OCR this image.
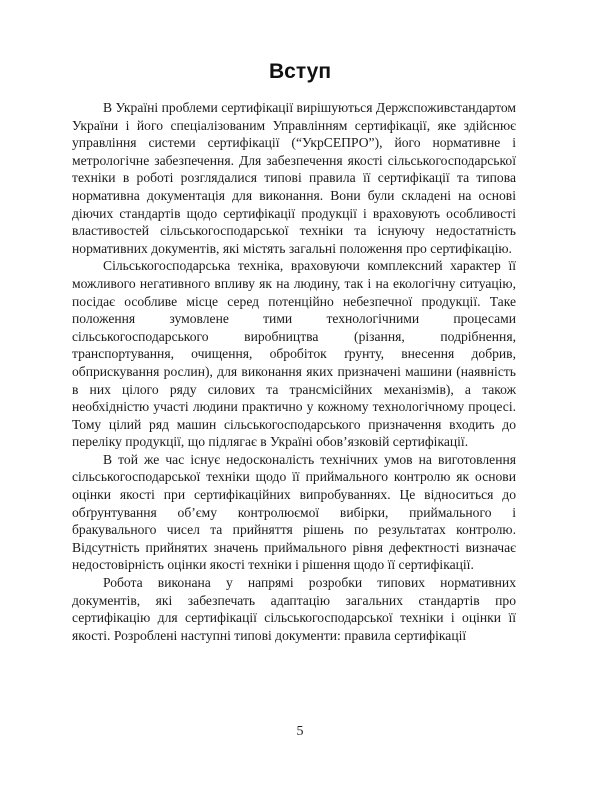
Вступ

В Україні проблеми сертифікації вирішуються Держспоживстандартом України і його спеціалізованим Управлінням сертифікації, яке здійснює управління системи сертифікації (“УкрСЕПРО”), його нормативне і метрологічне забезпечення. Для забезпечення якості сільськогосподарської техніки в роботі розглядалися типові правила її сертифікації та типова нормативна документація для виконання. Вони були складені на основі діючих стандартів щодо сертифікації продукції і враховують особливості властивостей сільськогосподарської техніки та існуючу недостатність нормативних документів, які містять загальні положення про сертифікацію.

Сільськогосподарська техніка, враховуючи комплексний характер її можливого негативного впливу як на людину, так і на екологічну ситуацію, посідає особливе місце серед потенційно небезпечної продукції. Таке положення зумовлене тими технологічними процесами сільськогосподарського виробництва (різання, подрібнення, транспортування, очищення, обробіток ґрунту, внесення добрив, обприскування рослин), для виконання яких призначені машини (наявність в них цілого ряду силових та трансмісійних механізмів), а також необхідністю участі людини практично у кожному технологічному процесі. Тому цілий ряд машин сільськогосподарського призначення входить до переліку продукції, що підлягає в Україні обов’язковій сертифікації.

В той же час існує недосконалість технічних умов на виготовлення сільськогосподарської техніки щодо її приймального контролю як основи оцінки якості при сертифікаційних випробуваннях. Це відноситься до обґрунтування об’єму контролюємої вибірки, приймального і бракувального чисел та прийняття рішень по результатах контролю. Відсутність прийнятих значень приймального рівня дефектності визначає недостовірність оцінки якості техніки і рішення щодо її сертифікації.

Робота виконана у напрямі розробки типових нормативних документів, які забезпечать адаптацію загальних стандартів про сертифікацію для сертифікації сільськогосподарської техніки і оцінки її якості. Розроблені наступні типові документи: правила сертифікації

5
